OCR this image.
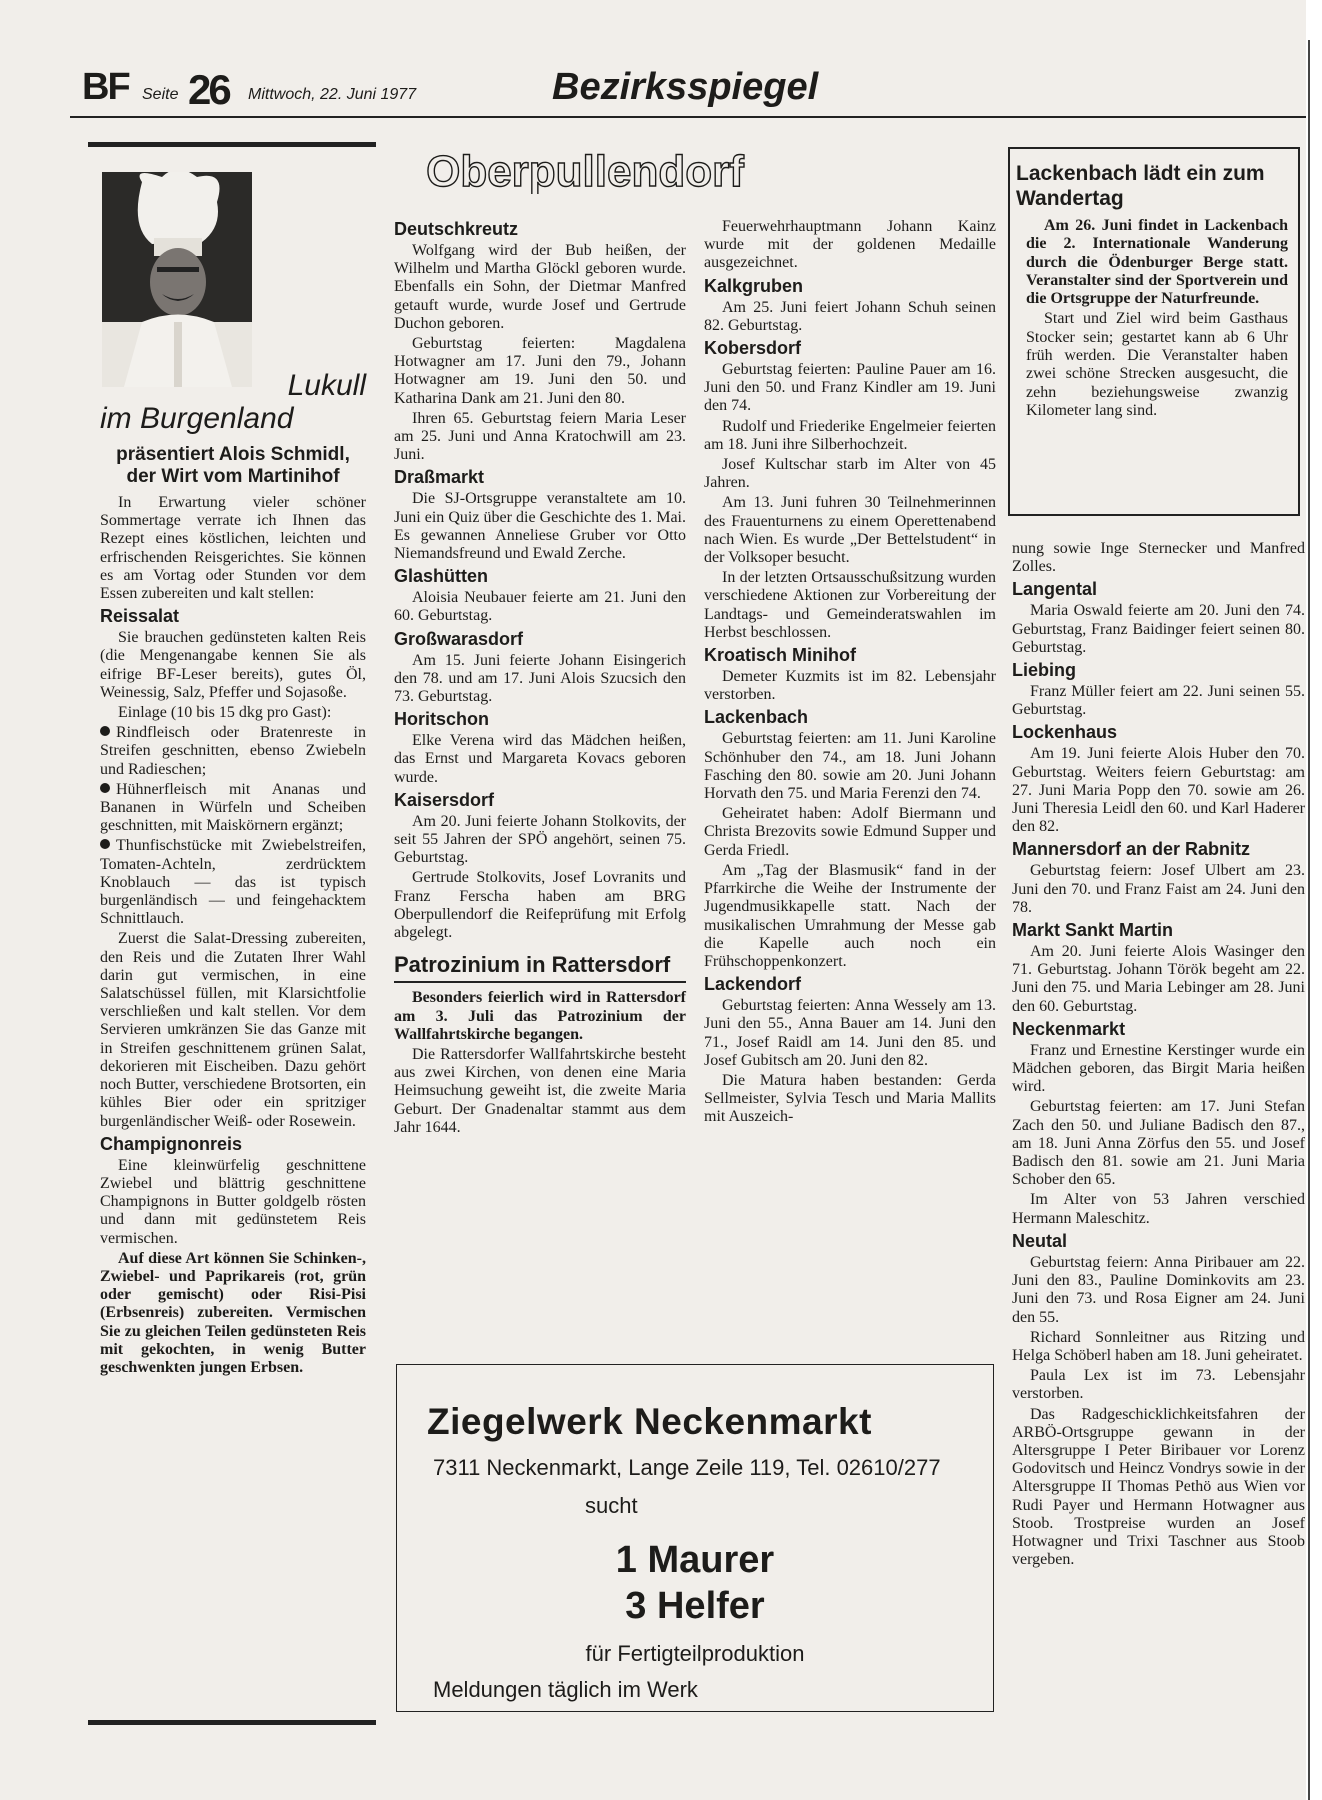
BF Seite 26 Mittwoch, 22. Juni 1977	Bezirksspiegel
Lukull
im Burgenland
präsentiert Alois Schmidl, der Wirt vom Martinihof

In Erwartung vieler schöner Sommertage verrate ich Ihnen das Rezept eines köstlichen, leichten und erfrischenden Reisgerichtes. Sie können es am Vortag oder Stunden vor dem Essen zubereiten und kalt stellen:

Reissalat

Sie brauchen gedünsteten kalten Reis (die Mengenangabe kennen Sie als eifrige BF-Leser bereits), gutes Öl, Weinessig, Salz, Pfeffer und Sojasoße.

Einlage (10 bis 15 dkg pro Gast):

Rindfleisch oder Bratenreste in Streifen geschnitten, ebenso Zwiebeln und Radieschen;

Hühnerfleisch mit Ananas und Bananen in Würfeln und Scheiben geschnitten, mit Maiskörnern ergänzt;

Thunfischstücke mit Zwiebelstreifen, Tomaten-Achteln, zerdrücktem Knoblauch — das ist typisch burgenländisch — und feingehacktem Schnittlauch.

Zuerst die Salat-Dressing zubereiten, den Reis und die Zutaten Ihrer Wahl darin gut vermischen, in eine Salatschüssel füllen, mit Klarsichtfolie verschließen und kalt stellen. Vor dem Servieren umkränzen Sie das Ganze mit in Streifen geschnittenem grünen Salat, dekorieren mit Eischeiben. Dazu gehört noch Butter, verschiedene Brotsorten, ein kühles Bier oder ein spritziger burgenländischer Weiß- oder Rosewein.

Champignonreis

Eine kleinwürfelig geschnittene Zwiebel und blättrig geschnittene Champignons in Butter goldgelb rösten und dann mit gedünstetem Reis vermischen.

Auf diese Art können Sie Schinken-, Zwiebel- und Paprikareis (rot, grün oder gemischt) oder Risi-Pisi (Erbsenreis) zubereiten. Vermischen Sie zu gleichen Teilen gedünsteten Reis mit gekochten, in wenig Butter geschwenkten jungen Erbsen.

Oberpullendorf

Deutschkreutz

Wolfgang wird der Bub heißen, der Wilhelm und Martha Glöckl geboren wurde. Ebenfalls ein Sohn, der Dietmar Manfred getauft wurde, wurde Josef und Gertrude Duchon geboren.

Geburtstag feierten: Magdalena Hotwagner am 17. Juni den 79., Johann Hotwagner am 19. Juni den 50. und Katharina Dank am 21. Juni den 80.

Ihren 65. Geburtstag feiern Maria Leser am 25. Juni und Anna Kratochwill am 23. Juni.

Draßmarkt

Die SJ-Ortsgruppe veranstaltete am 10. Juni ein Quiz über die Geschichte des 1. Mai. Es gewannen Anneliese Gruber vor Otto Niemandsfreund und Ewald Zerche.

Glashütten

Aloisia Neubauer feierte am 21. Juni den 60. Geburtstag.

Großwarasdorf

Am 15. Juni feierte Johann Eisingerich den 78. und am 17. Juni Alois Szucsich den 73. Geburtstag.

Horitschon

Elke Verena wird das Mädchen heißen, das Ernst und Margareta Kovacs geboren wurde.

Kaisersdorf

Am 20. Juni feierte Johann Stolkovits, der seit 55 Jahren der SPÖ angehört, seinen 75. Geburtstag.

Gertrude Stolkovits, Josef Lovranits und Franz Ferscha haben am BRG Oberpullendorf die Reifeprüfung mit Erfolg abgelegt.

Patrozinium in Rattersdorf

Besonders feierlich wird in Rattersdorf am 3. Juli das Patrozinium der Wallfahrtskirche begangen.

Die Rattersdorfer Wallfahrtskirche besteht aus zwei Kirchen, von denen eine Maria Heimsuchung geweiht ist, die zweite Maria Geburt. Der Gnadenaltar stammt aus dem Jahr 1644.

Feuerwehrhauptmann Johann Kainz wurde mit der goldenen Medaille ausgezeichnet.

Kalkgruben

Am 25. Juni feiert Johann Schuh seinen 82. Geburtstag.

Kobersdorf

Geburtstag feierten: Pauline Pauer am 16. Juni den 50. und Franz Kindler am 19. Juni den 74.

Rudolf und Friederike Engelmeier feierten am 18. Juni ihre Silberhochzeit.

Josef Kultschar starb im Alter von 45 Jahren.

Am 13. Juni fuhren 30 Teilnehmerinnen des Frauenturnens zu einem Operettenabend nach Wien. Es wurde „Der Bettelstudent“ in der Volksoper besucht.

In der letzten Ortsausschußsitzung wurden verschiedene Aktionen zur Vorbereitung der Landtags- und Gemeinderatswahlen im Herbst beschlossen.

Kroatisch Minihof

Demeter Kuzmits ist im 82. Lebensjahr verstorben.

Lackenbach

Geburtstag feierten: am 11. Juni Karoline Schönhuber den 74., am 18. Juni Johann Fasching den 80. sowie am 20. Juni Johann Horvath den 75. und Maria Ferenzi den 74.

Geheiratet haben: Adolf Biermann und Christa Brezovits sowie Edmund Supper und Gerda Friedl.

Am „Tag der Blasmusik“ fand in der Pfarrkirche die Weihe der Instrumente der Jugendmusikkapelle statt. Nach der musikalischen Umrahmung der Messe gab die Kapelle auch noch ein Frühschoppenkonzert.

Lackendorf

Geburtstag feierten: Anna Wessely am 13. Juni den 55., Anna Bauer am 14. Juni den 71., Josef Raidl am 14. Juni den 85. und Josef Gubitsch am 20. Juni den 82.

Die Matura haben bestanden: Gerda Sellmeister, Sylvia Tesch und Maria Mallits mit Auszeich-

Lackenbach lädt ein zum Wandertag

Am 26. Juni findet in Lackenbach die 2. Internationale Wanderung durch die Ödenburger Berge statt. Veranstalter sind der Sportverein und die Ortsgruppe der Naturfreunde.

Start und Ziel wird beim Gasthaus Stocker sein; gestartet kann ab 6 Uhr früh werden. Die Veranstalter haben zwei schöne Strecken ausgesucht, die zehn beziehungsweise zwanzig Kilometer lang sind.

nung sowie Inge Sternecker und Manfred Zolles.

Langental

Maria Oswald feierte am 20. Juni den 74. Geburtstag, Franz Baidinger feiert seinen 80. Geburtstag.

Liebing

Franz Müller feiert am 22. Juni seinen 55. Geburtstag.

Lockenhaus

Am 19. Juni feierte Alois Huber den 70. Geburtstag. Weiters feiern Geburtstag: am 27. Juni Maria Popp den 70. sowie am 26. Juni Theresia Leidl den 60. und Karl Haderer den 82.

Mannersdorf an der Rabnitz

Geburtstag feiern: Josef Ulbert am 23. Juni den 70. und Franz Faist am 24. Juni den 78.

Markt Sankt Martin

Am 20. Juni feierte Alois Wasinger den 71. Geburtstag. Johann Török begeht am 22. Juni den 75. und Maria Lebinger am 28. Juni den 60. Geburtstag.

Neckenmarkt

Franz und Ernestine Kerstinger wurde ein Mädchen geboren, das Birgit Maria heißen wird.

Geburtstag feierten: am 17. Juni Stefan Zach den 50. und Juliane Badisch den 87., am 18. Juni Anna Zörfus den 55. und Josef Badisch den 81. sowie am 21. Juni Maria Schober den 65.

Im Alter von 53 Jahren verschied Hermann Maleschitz.

Neutal

Geburtstag feiern: Anna Piribauer am 22. Juni den 83., Pauline Dominkovits am 23. Juni den 73. und Rosa Eigner am 24. Juni den 55.

Richard Sonnleitner aus Ritzing und Helga Schöberl haben am 18. Juni geheiratet.

Paula Lex ist im 73. Lebensjahr verstorben.

Das Radgeschicklichkeitsfahren der ARBÖ-Ortsgruppe gewann in der Altersgruppe I Peter Biribauer vor Lorenz Godovitsch und Heincz Vondrys sowie in der Altersgruppe II Thomas Pethö aus Wien vor Rudi Payer und Hermann Hotwagner aus Stoob. Trostpreise wurden an Josef Hotwagner und Trixi Taschner aus Stoob vergeben.

Ziegelwerk Neckenmarkt
7311 Neckenmarkt, Lange Zeile 119, Tel. 02610/277
sucht
1 Maurer
3 Helfer
für Fertigteilproduktion
Meldungen täglich im Werk
